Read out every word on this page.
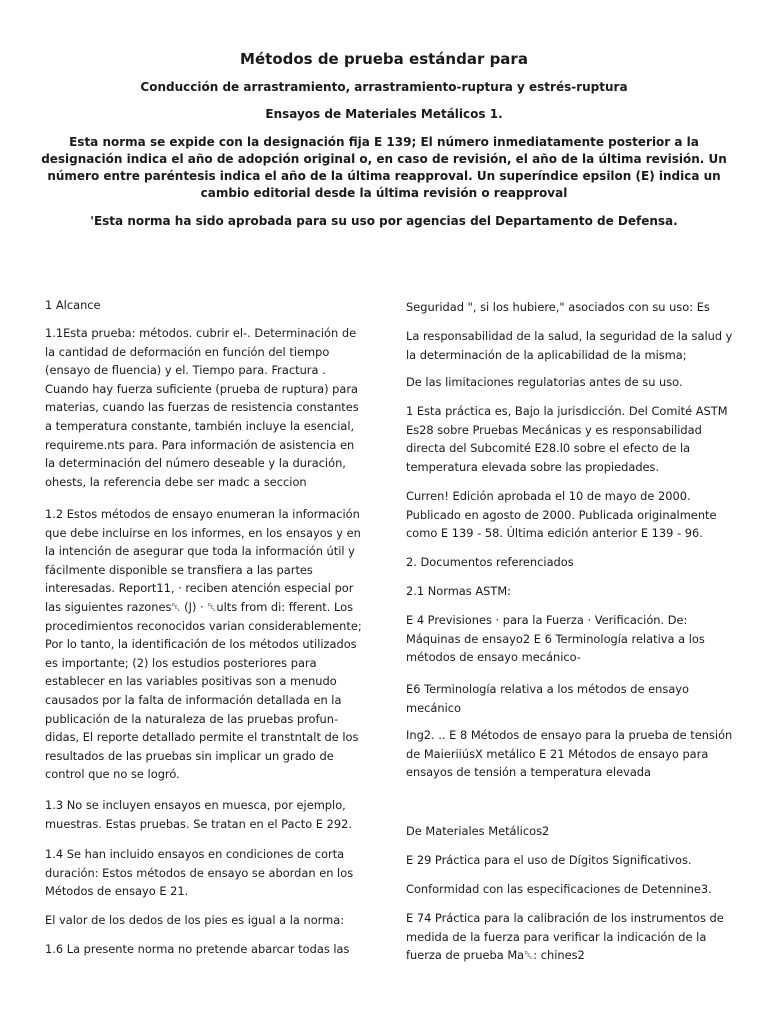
Métodos de prueba estándar para
Conducción de arrastramiento, arrastramiento-ruptura y estrés-ruptura
Ensayos de Materiales Metálicos 1.
Esta norma se expide con la designación fija E 139; El número inmediatamente posterior a la designación indica el año de adopción original o, en caso de revisión, el año de la última revisión. Un número entre paréntesis indica el año de la última reapproval. Un superíndice epsilon (E) indica un cambio editorial desde la última revisión o reapproval
'Esta norma ha sido aprobada para su uso por agencias del Departamento de Defensa.

1 Alcance

1.1Esta prueba: métodos. cubrir el-. Determinación de la cantidad de deformación en función del tiempo (ensayo de fluencia) y el. Tiempo para. Fractura . Cuando hay fuerza suficiente (prueba de ruptura) para materias, cuando las fuerzas de resistencia constantes a temperatura constante, también incluye la esencial, requireme.nts para. Para información de asistencia en la determinación del número deseable y la duración, ohests, la referencia debe ser madc a seccion

1.2 Estos métodos de ensayo enumeran la información que debe incluirse en los informes, en los ensayos y en la intención de asegurar que toda la información útil y fácilmente disponible se transfiera a las partes interesadas. Report11, · reciben atención especial por las siguientes razones␡ (J) · ␡ults from di: fferent. Los procedimientos reconocidos varian considerablemente; Por lo tanto, la identificación de los métodos utilizados es importante; (2) los estudios posteriores para establecer en las variables positivas son a menudo causados por la falta de información detallada en la publicación de la naturaleza de las pruebas profun- didas, El reporte detallado permite el transtntalt de los resultados de las pruebas sin implicar un grado de control que no se logró.

1.3 No se incluyen ensayos en muesca, por ejemplo, muestras. Estas pruebas. Se tratan en el Pacto E 292.

1.4 Se han incluido ensayos en condiciones de corta duración: Estos métodos de ensayo se abordan en los Métodos de ensayo E 21.

El valor de los dedos de los pies es igual a la norma:

1.6 La presente norma no pretende abarcar todas las

Seguridad ", si los hubiere," asociados con su uso: Es

La responsabilidad de la salud, la seguridad de la salud y la determinación de la aplicabilidad de la misma;

De las limitaciones regulatorias antes de su uso.

1 Esta práctica es, Bajo la jurisdicción. Del Comité ASTM Es28 sobre Pruebas Mecánicas y es responsabilidad directa del Subcomité E28.l0 sobre el efecto de la temperatura elevada sobre las propiedades.

Curren! Edición aprobada el 10 de mayo de 2000. Publicado en agosto de 2000. Publicada originalmente como E 139 - 58. Última edición anterior E 139 - 96.

2. Documentos referenciados

2.1 Normas ASTM:

E 4 Previsiones · para la Fuerza · Verificación. De: Máquinas de ensayo2 E 6 Terminología relativa a los métodos de ensayo mecánico-

E6 Terminología relativa a los métodos de ensayo mecánico

Ing2. .. E 8 Métodos de ensayo para la prueba de tensión de MaieriiúsX metálico E 21 Métodos de ensayo para ensayos de tensión a temperatura elevada

De Materiales Metálicos2

E 29 Práctica para el uso de Dígitos Significativos.

Conformidad con las especificaciones de Detennine3.

E 74 Práctica para la calibración de los instrumentos de medida de la fuerza para verificar la indicación de la fuerza de prueba Ma␡: chines2
